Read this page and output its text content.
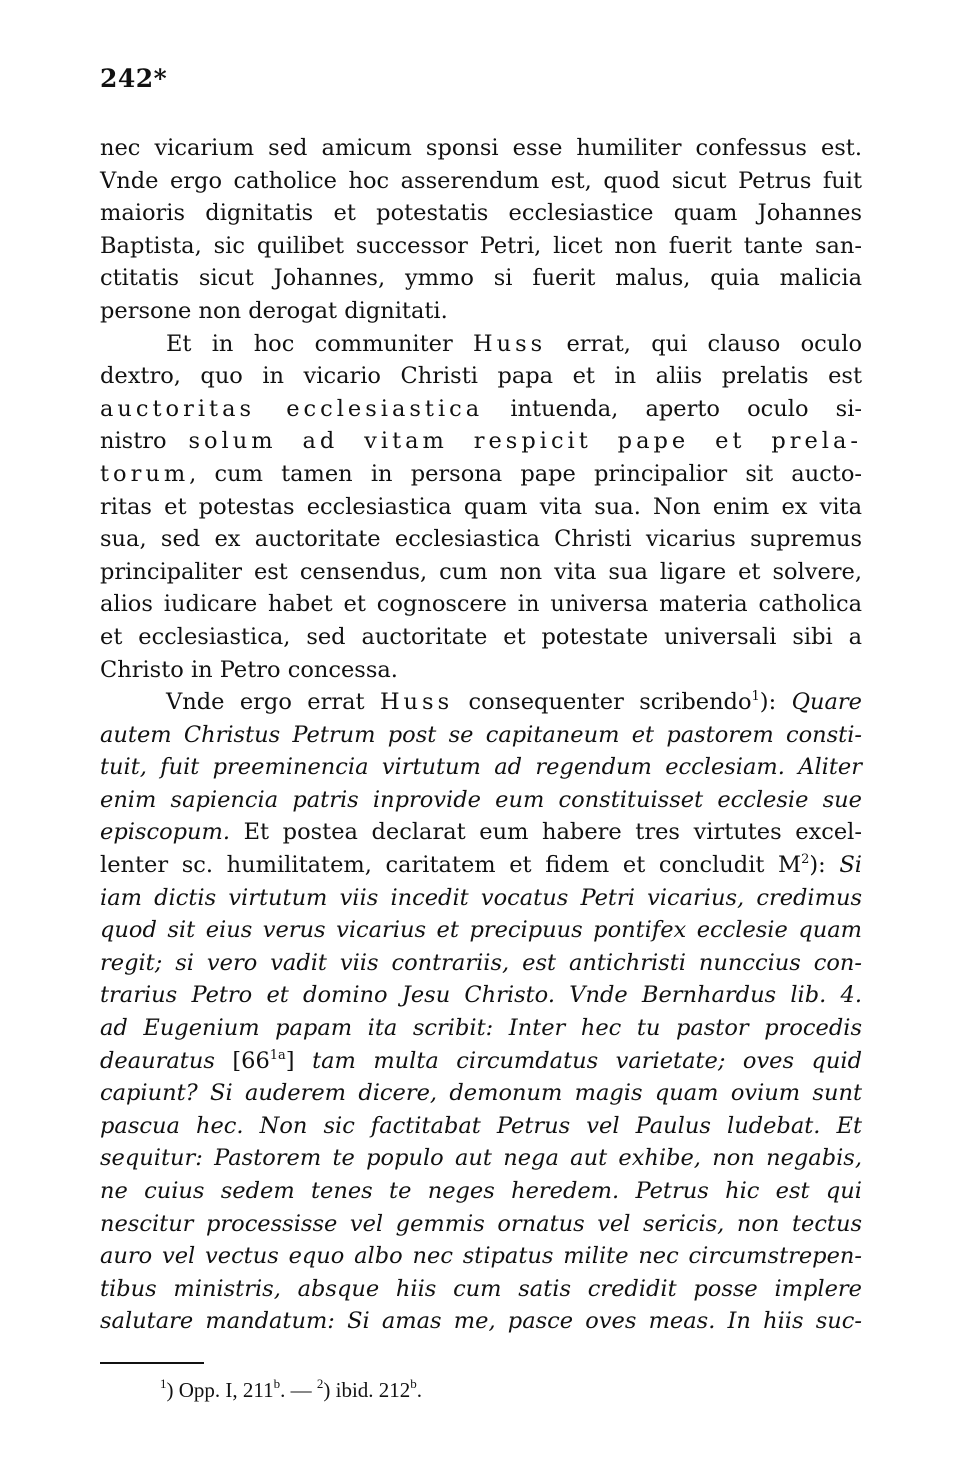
242*

nec vicarium sed amicum sponsi esse humiliter confessus est.
Vnde ergo catholice hoc asserendum est, quod sicut Petrus fuit
maioris dignitatis et potestatis ecclesiastice quam Johannes
Baptista, sic quilibet successor Petri, licet non fuerit tante san-
ctitatis sicut Johannes, ymmo si fuerit malus, quia malicia
persone non derogat dignitati.

Et in hoc communiter Huss errat, qui clauso oculo
dextro, quo in vicario Christi papa et in aliis prelatis est
auctoritas ecclesiastica intuenda, aperto oculo si-
nistro solum ad vitam respicit pape et prela-
torum, cum tamen in persona pape principalior sit aucto-
ritas et potestas ecclesiastica quam vita sua. Non enim ex vita
sua, sed ex auctoritate ecclesiastica Christi vicarius supremus
principaliter est censendus, cum non vita sua ligare et solvere,
alios iudicare habet et cognoscere in universa materia catholica
et ecclesiastica, sed auctoritate et potestate universali sibi a
Christo in Petro concessa.

Vnde ergo errat Huss consequenter scribendo$^1$): Quare
autem Christus Petrum post se capitaneum et pastorem consti-
tuit, fuit preeminencia virtutum ad regendum ecclesiam. Aliter
enim sapiencia patris inprovide eum constituisset ecclesie sue
episcopum. Et postea declarat eum habere tres virtutes excel-
lenter sc. humilitatem, caritatem et fidem et concludit $M^2$): Si
iam dictis virtutum viis incedit vocatus Petri vicarius, credimus
quod sit eius verus vicarius et precipuus pontifex ecclesie quam
regit; si vero vadit viis contrariis, est antichristi nunccius con-
trarius Petro et domino Jesu Christo. Vnde Bernhardus lib. 4.
ad Eugenium papam ita scribit: Inter hec tu pastor procedis
deauratus $[66^{1a}]$ tam multa circumdatus varietate; oves quid
capiunt? Si auderem dicere, demonum magis quam ovium sunt
pascua hec. Non sic factitabat Petrus vel Paulus ludebat. Et
sequitur: Pastorem te populo aut nega aut exhibe, non negabis,
ne cuius sedem tenes te neges heredem. Petrus hic est qui
nescitur processisse vel gemmis ornatus vel sericis, non tectus
auro vel vectus equo albo nec stipatus milite nec circumstrepen-
tibus ministris, absque hiis cum satis credidit posse implere
salutare mandatum: Si amas me, pasce oves meas. In hiis suc-

$^1$) Opp. I, 211$^b$. — $^2$) ibid. 212$^b$.
